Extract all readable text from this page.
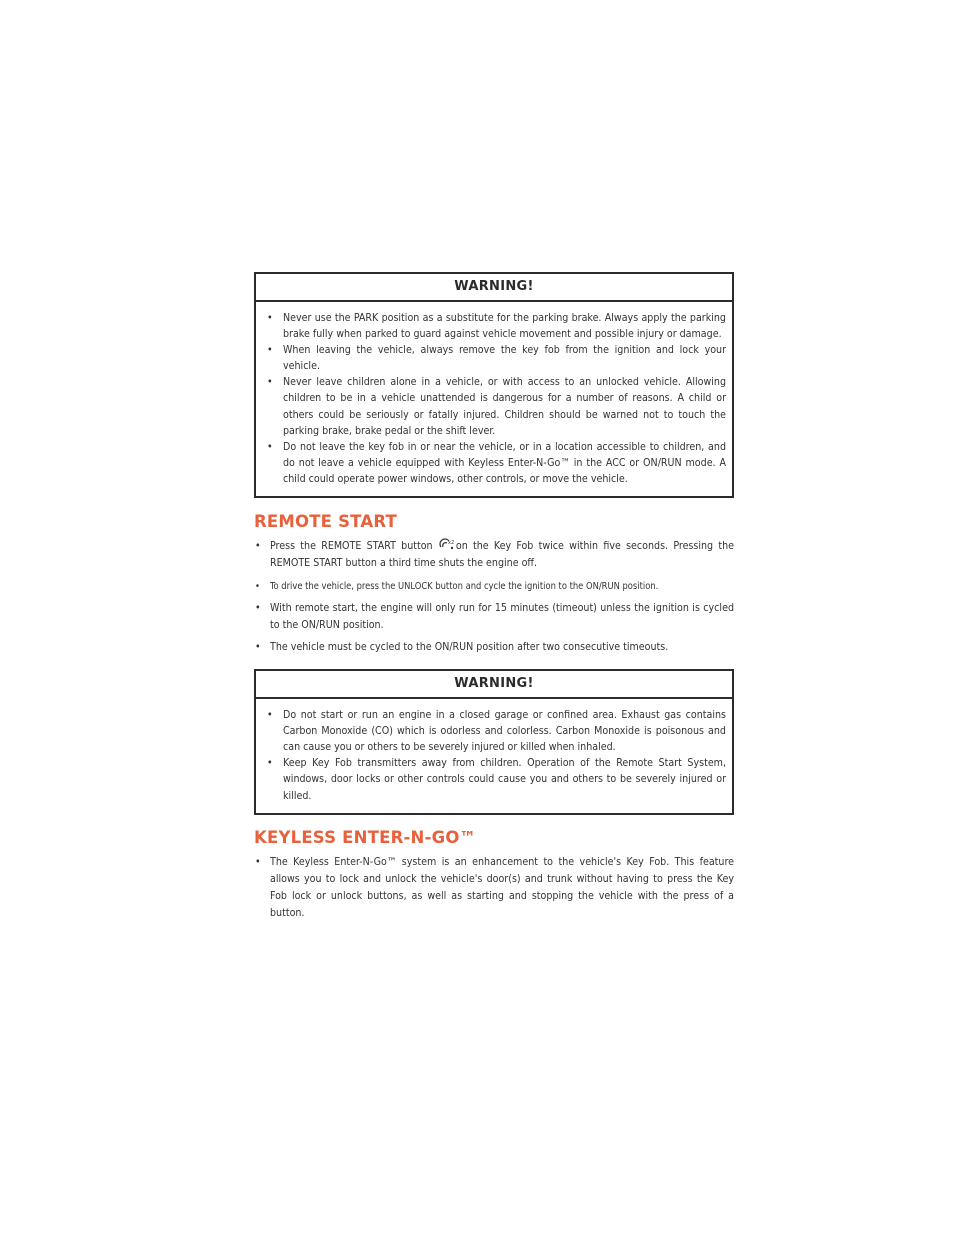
WARNING!
• Never use the PARK position as a substitute for the parking brake. Always apply the parking brake fully when parked to guard against vehicle movement and possible injury or damage.
• When leaving the vehicle, always remove the key fob from the ignition and lock your vehicle.
• Never leave children alone in a vehicle, or with access to an unlocked vehicle. Allowing children to be in a vehicle unattended is dangerous for a number of reasons. A child or others could be seriously or fatally injured. Children should be warned not to touch the parking brake, brake pedal or the shift lever.
• Do not leave the key fob in or near the vehicle, or in a location accessible to children, and do not leave a vehicle equipped with Keyless Enter-N-Go™ in the ACC or ON/RUN mode. A child could operate power windows, other controls, or move the vehicle.
REMOTE START
• Press the REMOTE START button	x2 on the Key Fob twice within five seconds. Pressing the REMOTE START button a third time shuts the engine off.
• To drive the vehicle, press the UNLOCK button and cycle the ignition to the ON/RUN position.
• With remote start, the engine will only run for 15 minutes (timeout) unless the ignition is cycled to the ON/RUN position.
• The vehicle must be cycled to the ON/RUN position after two consecutive timeouts.
WARNING!
• Do not start or run an engine in a closed garage or confined area. Exhaust gas contains Carbon Monoxide (CO) which is odorless and colorless. Carbon Monoxide is poisonous and can cause you or others to be severely injured or killed when inhaled.
• Keep Key Fob transmitters away from children. Operation of the Remote Start System, windows, door locks or other controls could cause you and others to be severely injured or killed.
KEYLESS ENTER-N-GO™
• The Keyless Enter-N-Go™ system is an enhancement to the vehicle's Key Fob. This feature allows you to lock and unlock the vehicle's door(s) and trunk without having to press the Key Fob lock or unlock buttons, as well as starting and stopping the vehicle with the press of a button.
